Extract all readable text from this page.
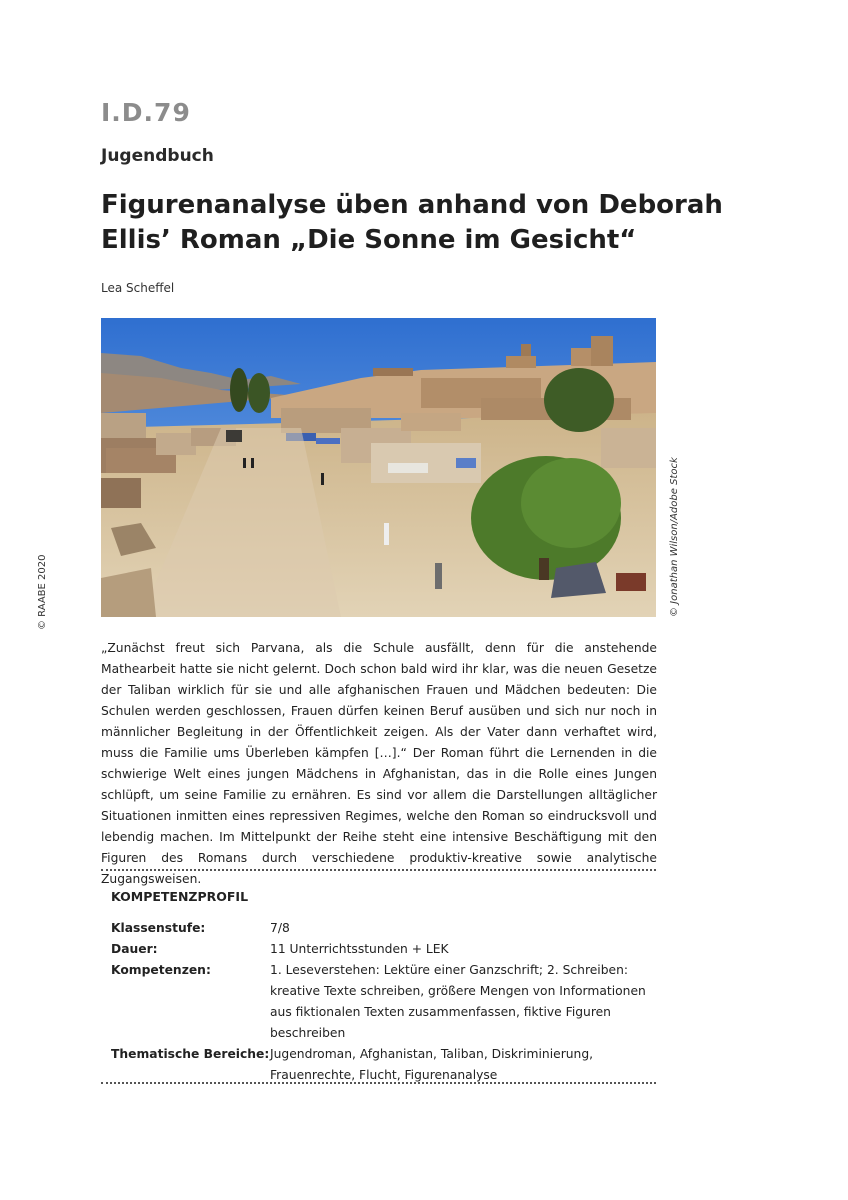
I.D.79
Jugendbuch
Figurenanalyse üben anhand von Deborah
Ellis’ Roman „Die Sonne im Gesicht“
Lea Scheffel
© Jonathan Wilson/Adobe Stock
© RAABE 2020

„Zunächst freut sich Parvana, als die Schule ausfällt, denn für die anstehende Mathearbeit hatte sie nicht gelernt. Doch schon bald wird ihr klar, was die neuen Gesetze der Taliban wirklich für sie und alle afghanischen Frauen und Mädchen bedeuten: Die Schulen werden geschlossen, Frauen dürfen keinen Beruf ausüben und sich nur noch in männlicher Begleitung in der Öffentlichkeit zeigen. Als der Vater dann verhaftet wird, muss die Familie ums Überleben kämpfen […].“ Der Roman führt die Lernenden in die schwierige Welt eines jungen Mädchens in Afghanistan, das in die Rolle eines Jungen schlüpft, um seine Familie zu ernähren. Es sind vor allem die Darstellungen alltäglicher Situationen inmitten eines repressiven Regimes, welche den Roman so eindrucksvoll und lebendig machen. Im Mittelpunkt der Reihe steht eine intensive Beschäftigung mit den Figuren des Romans durch verschiedene produktiv-kreative sowie analytische Zugangsweisen.

KOMPETENZPROFIL
Klassenstufe:	7/8
Dauer:	11 Unterrichtsstunden + LEK
Kompetenzen:	1. Leseverstehen: Lektüre einer Ganzschrift; 2. Schreiben: kreative Texte schreiben, größere Mengen von Informationen aus fiktionalen Texten zusammenfassen, fiktive Figuren beschreiben
Thematische Bereiche:	Jugendroman, Afghanistan, Taliban, Diskriminierung, Frauenrechte, Flucht, Figurenanalyse
